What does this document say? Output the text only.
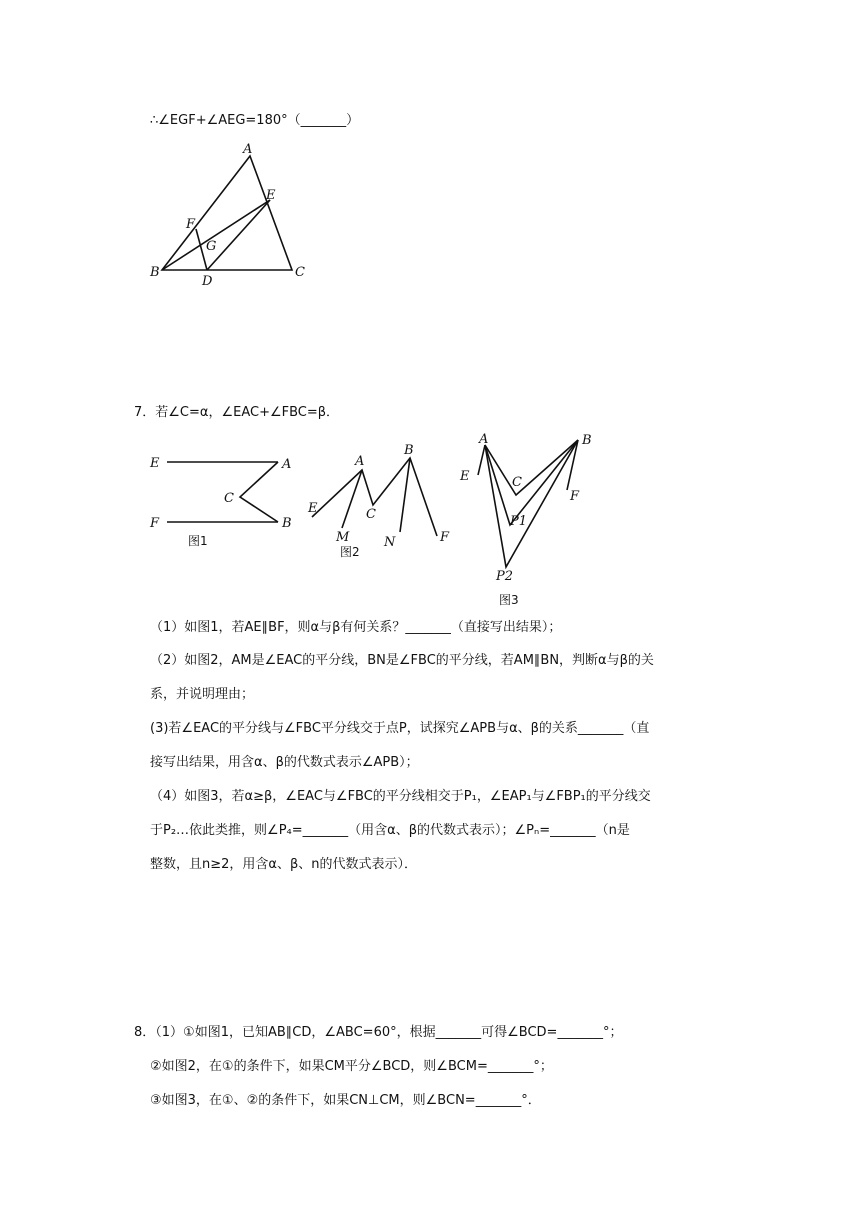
∴∠EGF+∠AEG=180°（_______）
7．若∠C=α，∠EAC+∠FBC=β．
（1）如图1，若AE∥BF，则α与β有何关系？_______（直接写出结果）；
（2）如图2，AM是∠EAC的平分线，BN是∠FBC的平分线，若AM∥BN，判断α与β的关
系，并说明理由；
(3)若∠EAC的平分线与∠FBC平分线交于点P，试探究∠APB与α、β的关系_______（直
接写出结果，用含α、β的代数式表示∠APB）；
（4）如图3，若α≥β，∠EAC与∠FBC的平分线相交于P₁，∠EAP₁与∠FBP₁的平分线交
于P₂…依此类推，则∠P₄=_______（用含α、β的代数式表示）；∠Pₙ=_______（n是
整数，且n≥2，用含α、β、n的代数式表示）．
8．（1）①如图1，已知AB∥CD，∠ABC=60°，根据_______可得∠BCD=_______°；
②如图2，在①的条件下，如果CM平分∠BCD，则∠BCM=_______°；
③如图3，在①、②的条件下，如果CN⊥CM，则∠BCN=_______°．
A
E
F
G
B
D
C
E	A
C
F	B
图1
A
B
E	C
M	N	F
图2
A	B
E	C
F
P1
P2
图3
